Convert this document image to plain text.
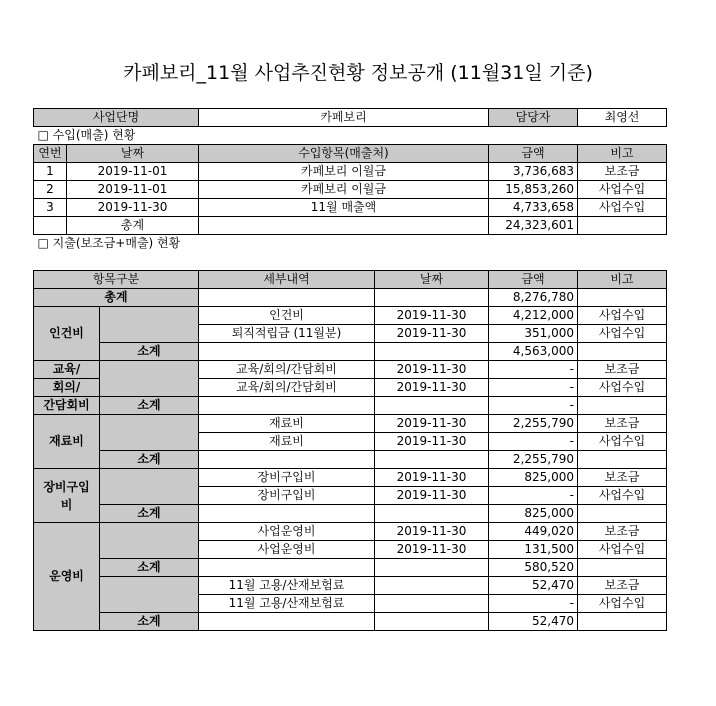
카페보리_11월 사업추진현황 정보공개 (11월31일 기준)
사업단명		카페보리	담당자	최영선
□ 수입(매출) 현황				
연번	날짜	수입항목(매출처)	금액	비고
1	2019-11-01	카페보리 이월금	3,736,683	보조금
2	2019-11-01	카페보리 이월금	15,853,260	사업수입
3	2019-11-30	11월 매출액	4,733,658	사업수입
	총계		24,323,601	
□ 지출(보조금+매출) 현황				
항목구분		세부내역	날짜	금액	비고
총계				8,276,780	
인건비		인건비	2019-11-30	4,212,000	사업수입
		퇴직적립금 (11월분)	2019-11-30	351,000	사업수입
	소계			4,563,000	
교육/		교육/회의/간담회비	2019-11-30	-	보조금
회의/		교육/회의/간담회비	2019-11-30	-	사업수입
간담회비	소계			-	
재료비		재료비	2019-11-30	2,255,790	보조금
		재료비	2019-11-30	-	사업수입
	소계			2,255,790	
장비구입
비		장비구입비	2019-11-30	825,000	보조금
		장비구입비	2019-11-30	-	사업수입
	소계			825,000	
운영비		사업운영비	2019-11-30	449,020	보조금
		사업운영비	2019-11-30	131,500	사업수입
	소계			580,520	
		11월 고용/산재보험료		52,470	보조금
		11월 고용/산재보험료		-	사업수입
	소계			52,470	
